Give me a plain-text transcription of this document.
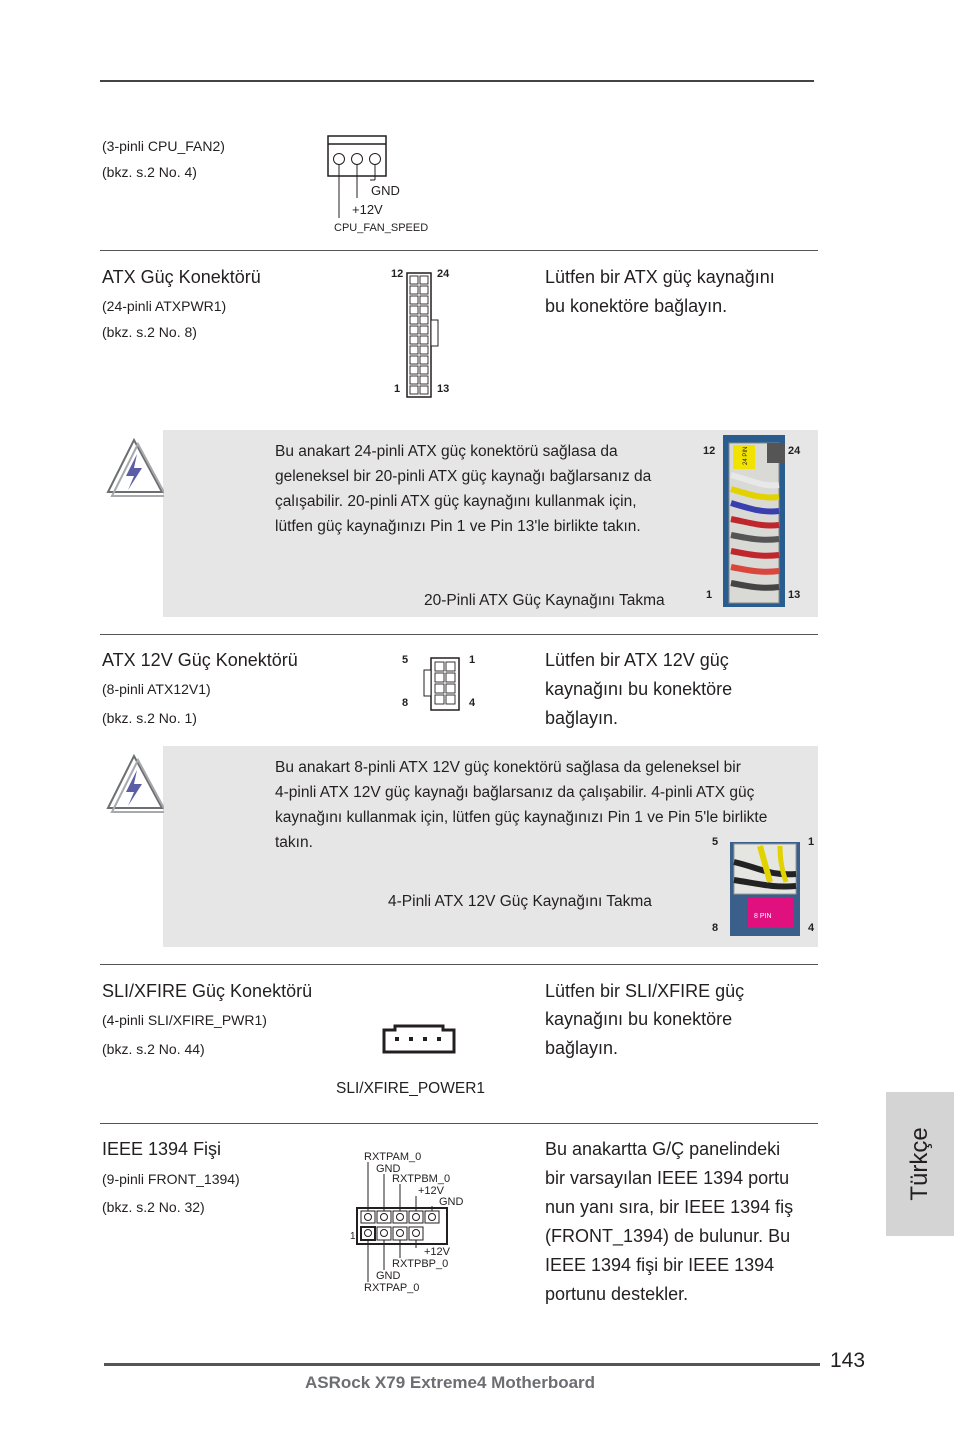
(3-pinli CPU_FAN2)
(bkz. s.2 No. 4)
GND
+12V
CPU_FAN_SPEED
ATX Güç Konektörü
(24-pinli ATXPWR1)
(bkz. s.2 No. 8)
12	24
1	13
Lütfen bir ATX güç kaynağını
bu konektöre bağlayın.
Bu anakart 24-pinli ATX güç konektörü sağlasa da
geleneksel bir 20-pinli ATX güç kaynağı bağlarsanız da
çalışabilir. 20-pinli ATX güç kaynağını kullanmak için,
lütfen güç kaynağınızı Pin 1 ve Pin 13'le birlikte takın.
20-Pinli ATX Güç Kaynağını Takma
12	24
1	13
24 PIN
ATX 12V Güç Konektörü
(8-pinli ATX12V1)
(bkz. s.2 No. 1)
5	1
8	4
Lütfen bir ATX 12V güç
kaynağını bu konektöre
bağlayın.
Bu anakart 8-pinli ATX 12V güç konektörü sağlasa da geleneksel bir
4-pinli ATX 12V güç kaynağı bağlarsanız da çalışabilir. 4-pinli ATX güç
kaynağını kullanmak için, lütfen güç kaynağınızı Pin 1 ve Pin 5'le birlikte
takın.
4-Pinli ATX 12V Güç Kaynağını Takma
5	1
8	4
8 PIN
SLI/XFIRE Güç Konektörü
(4-pinli SLI/XFIRE_PWR1)
(bkz. s.2 No. 44)
SLI/XFIRE_POWER1
Lütfen bir SLI/XFIRE güç
kaynağını bu konektöre
bağlayın.
IEEE 1394 Fişi
(9-pinli FRONT_1394)
(bkz. s.2 No. 32)
RXTPAM_0
GND
RXTPBM_0
+12V
GND
1
+12V
RXTPBP_0
GND
RXTPAP_0
Bu anakartta G/Ç panelindeki
bir varsayılan IEEE 1394 portu
nun yanı sıra, bir IEEE 1394 fiş
(FRONT_1394) de bulunur. Bu
IEEE 1394 fişi bir IEEE 1394
portunu destekler.
Türkçe
143
ASRock X79 Extreme4 Motherboard
